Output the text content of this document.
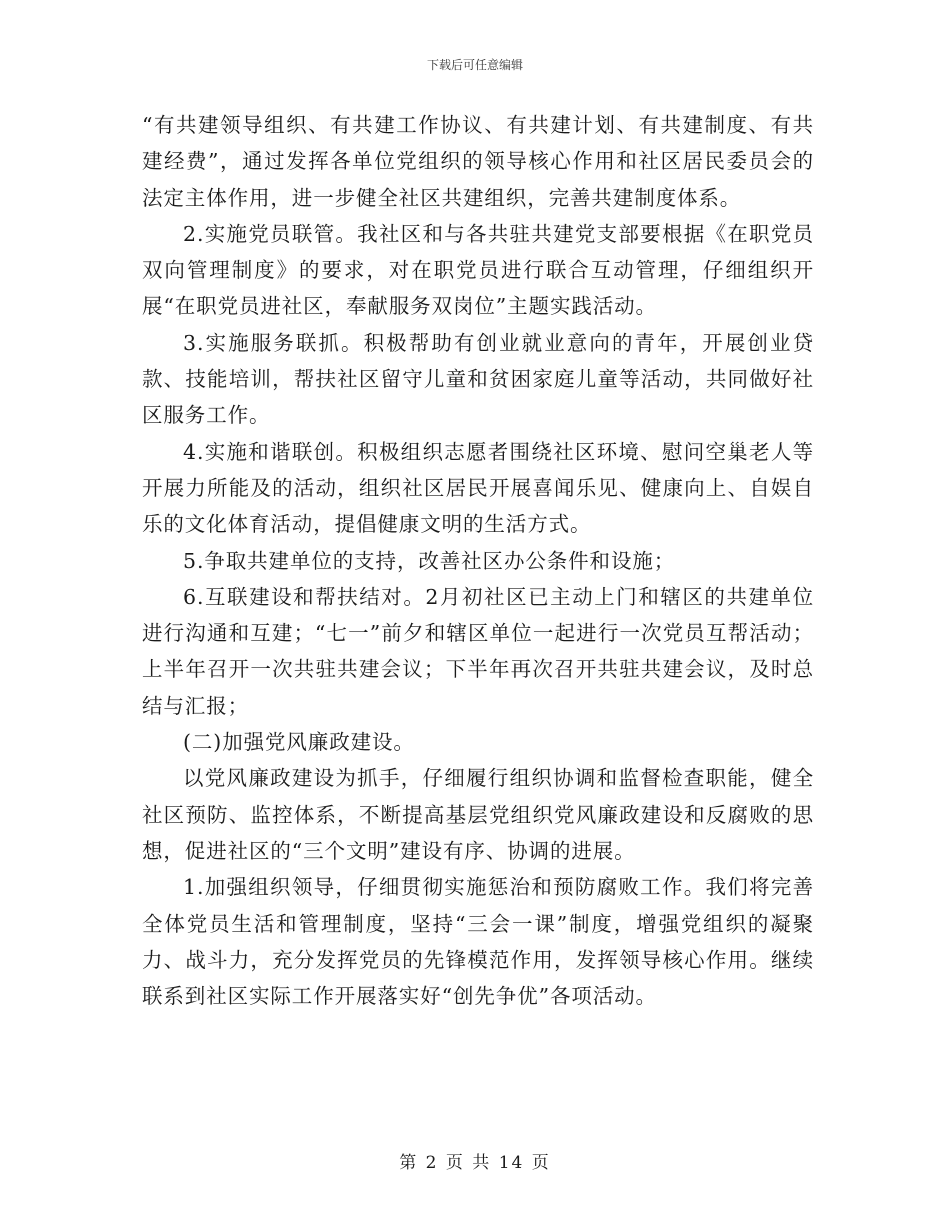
下载后可任意编辑

“有共建领导组织、有共建工作协议、有共建计划、有共建制度、有共建经费”，通过发挥各单位党组织的领导核心作用和社区居民委员会的法定主体作用，进一步健全社区共建组织，完善共建制度体系。

2.实施党员联管。我社区和与各共驻共建党支部要根据《在职党员双向管理制度》的要求，对在职党员进行联合互动管理，仔细组织开展“在职党员进社区，奉献服务双岗位”主题实践活动。

3.实施服务联抓。积极帮助有创业就业意向的青年，开展创业贷款、技能培训，帮扶社区留守儿童和贫困家庭儿童等活动，共同做好社区服务工作。

4.实施和谐联创。积极组织志愿者围绕社区环境、慰问空巢老人等开展力所能及的活动，组织社区居民开展喜闻乐见、健康向上、自娱自乐的文化体育活动，提倡健康文明的生活方式。

5.争取共建单位的支持，改善社区办公条件和设施；

6.互联建设和帮扶结对。2月初社区已主动上门和辖区的共建单位进行沟通和互建；“七一”前夕和辖区单位一起进行一次党员互帮活动；上半年召开一次共驻共建会议；下半年再次召开共驻共建会议，及时总结与汇报；

(二)加强党风廉政建设。

以党风廉政建设为抓手，仔细履行组织协调和监督检查职能，健全社区预防、监控体系，不断提高基层党组织党风廉政建设和反腐败的思想，促进社区的“三个文明”建设有序、协调的进展。

1.加强组织领导，仔细贯彻实施惩治和预防腐败工作。我们将完善全体党员生活和管理制度，坚持“三会一课”制度，增强党组织的凝聚力、战斗力，充分发挥党员的先锋模范作用，发挥领导核心作用。继续联系到社区实际工作开展落实好“创先争优”各项活动。

第 2 页 共 14 页
